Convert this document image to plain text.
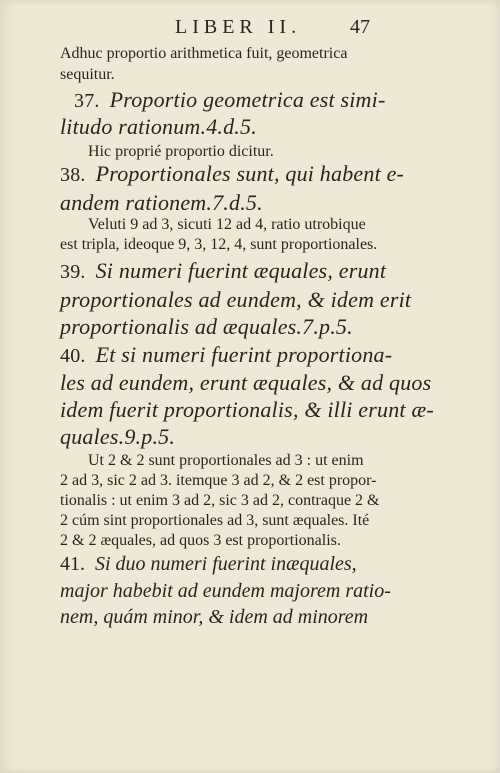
LIBER II. 47
Adhuc proportio arithmetica fuit, geometrica
sequitur.
37. Proportio geometrica est simi-
litudo rationum.4.d.5.
Hic proprié proportio dicitur.
38. Proportionales sunt, qui habent e-
andem rationem.7.d.5.
Veluti 9 ad 3, sicuti 12 ad 4, ratio utrobique
est tripla, ideoque 9, 3, 12, 4, sunt proportionales.
39. Si numeri fuerint æquales, erunt
proportionales ad eundem, & idem erit
proportionalis ad æquales.7.p.5.
40. Et si numeri fuerint proportiona-
les ad eundem, erunt æquales, & ad quos
idem fuerit proportionalis, & illi erunt æ-
quales.9.p.5.
Ut 2 & 2 sunt proportionales ad 3 : ut enim
2 ad 3, sic 2 ad 3. itemque 3 ad 2, & 2 est propor-
tionalis : ut enim 3 ad 2, sic 3 ad 2, contraque 2 &
2 cúm sint proportionales ad 3, sunt æquales. Ité
2 & 2 æquales, ad quos 3 est proportionalis.
41. Si duo numeri fuerint inæquales,
major habebit ad eundem majorem ratio-
nem, quám minor, & idem ad minorem
